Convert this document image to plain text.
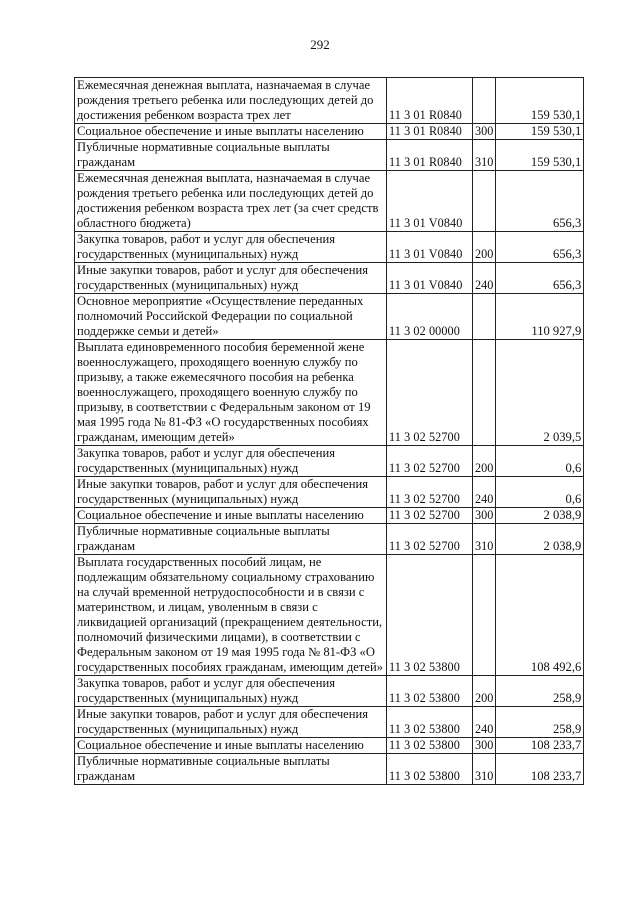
292
Ежемесячная денежная выплата, назначаемая в случае рождения третьего ребенка или последующих детей до достижения ребенком возраста трех лет	11 3 01 R0840		159 530,1
Социальное обеспечение и иные выплаты населению	11 3 01 R0840	300	159 530,1
Публичные нормативные социальные выплаты гражданам	11 3 01 R0840	310	159 530,1
Ежемесячная денежная выплата, назначаемая в случае рождения третьего ребенка или последующих детей до достижения ребенком возраста трех лет (за счет средств областного бюджета)	11 3 01 V0840		656,3
Закупка товаров, работ и услуг для обеспечения государственных (муниципальных) нужд	11 3 01 V0840	200	656,3
Иные закупки товаров, работ и услуг для обеспечения государственных (муниципальных) нужд	11 3 01 V0840	240	656,3
Основное мероприятие «Осуществление переданных полномочий Российской Федерации по социальной поддержке семьи и детей»	11 3 02 00000		110 927,9
Выплата единовременного пособия беременной жене военнослужащего, проходящего военную службу по призыву, а также ежемесячного пособия на ребенка военнослужащего, проходящего военную службу по призыву, в соответствии с Федеральным законом от 19 мая 1995 года № 81-ФЗ «О государственных пособиях гражданам, имеющим детей»	11 3 02 52700		2 039,5
Закупка товаров, работ и услуг для обеспечения государственных (муниципальных) нужд	11 3 02 52700	200	0,6
Иные закупки товаров, работ и услуг для обеспечения государственных (муниципальных) нужд	11 3 02 52700	240	0,6
Социальное обеспечение и иные выплаты населению	11 3 02 52700	300	2 038,9
Публичные нормативные социальные выплаты гражданам	11 3 02 52700	310	2 038,9
Выплата государственных пособий лицам, не подлежащим обязательному социальному страхованию на случай временной нетрудоспособности и в связи с материнством, и лицам, уволенным в связи с ликвидацией организаций (прекращением деятельности, полномочий физическими лицами), в соответствии с Федеральным законом от 19 мая 1995 года № 81-ФЗ «О государственных пособиях гражданам, имеющим детей»	11 3 02 53800		108 492,6
Закупка товаров, работ и услуг для обеспечения государственных (муниципальных) нужд	11 3 02 53800	200	258,9
Иные закупки товаров, работ и услуг для обеспечения государственных (муниципальных) нужд	11 3 02 53800	240	258,9
Социальное обеспечение и иные выплаты населению	11 3 02 53800	300	108 233,7
Публичные нормативные социальные выплаты гражданам	11 3 02 53800	310	108 233,7
